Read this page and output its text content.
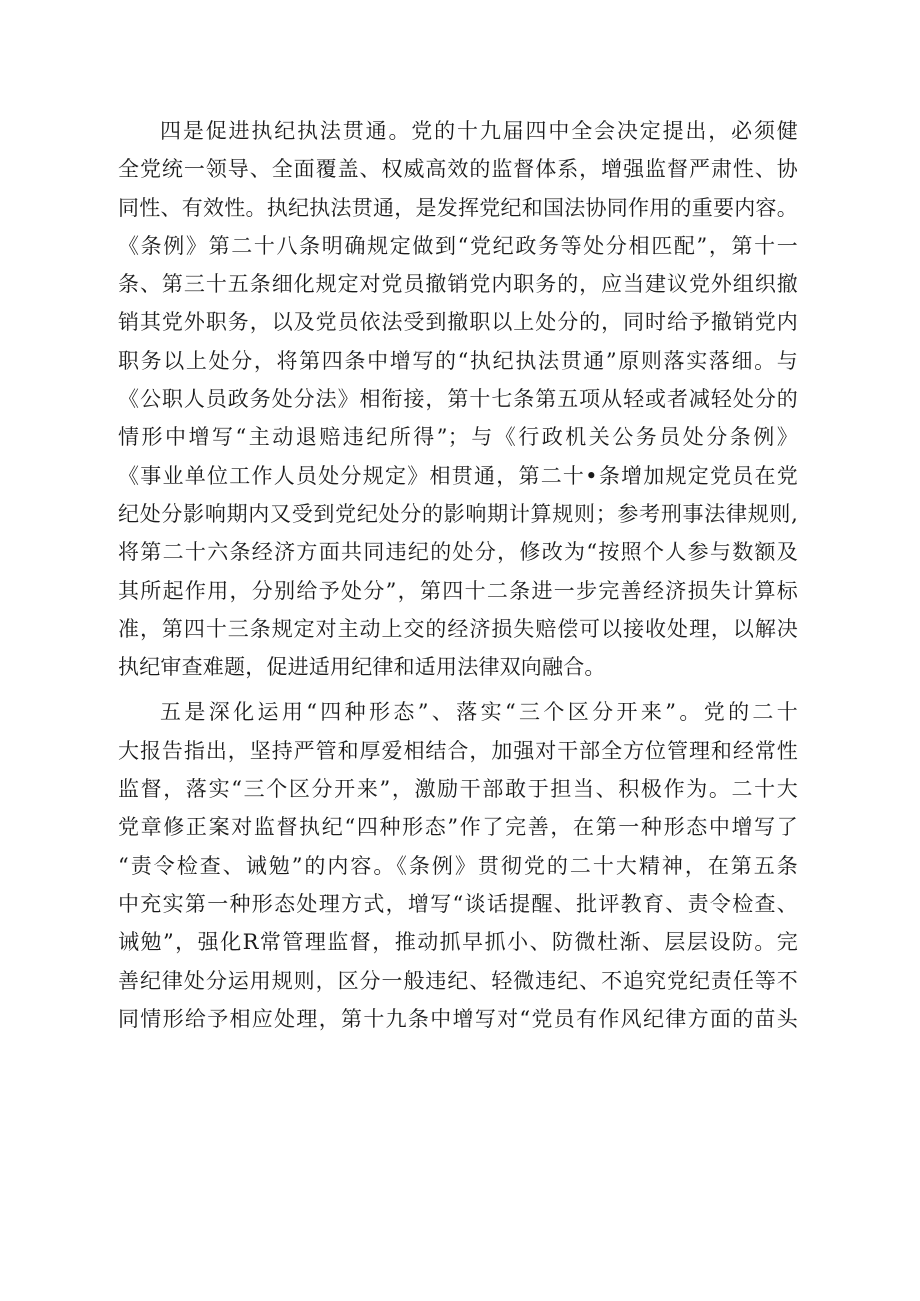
四是促进执纪执法贯通。党的十九届四中全会决定提出，必须健
全党统一领导、全面覆盖、权威高效的监督体系，增强监督严肃性、协
同性、有效性。执纪执法贯通，是发挥党纪和国法协同作用的重要内容。
《条例》第二十八条明确规定做到“党纪政务等处分相匹配”，第十一
条、第三十五条细化规定对党员撤销党内职务的，应当建议党外组织撤
销其党外职务，以及党员依法受到撤职以上处分的，同时给予撤销党内
职务以上处分，将第四条中增写的“执纪执法贯通”原则落实落细。与
《公职人员政务处分法》相衔接，第十七条第五项从轻或者减轻处分的
情形中增写“主动退赔违纪所得”；与《行政机关公务员处分条例》
《事业单位工作人员处分规定》相贯通，第二十•条增加规定党员在党
纪处分影响期内又受到党纪处分的影响期计算规则；参考刑事法律规则,
将第二十六条经济方面共同违纪的处分，修改为“按照个人参与数额及
其所起作用，分别给予处分”，第四十二条进一步完善经济损失计算标
准，第四十三条规定对主动上交的经济损失赔偿可以接收处理，以解决
执纪审查难题，促进适用纪律和适用法律双向融合。
五是深化运用“四种形态”、落实“三个区分开来”。党的二十
大报告指出，坚持严管和厚爱相结合，加强对干部全方位管理和经常性
监督，落实“三个区分开来”，激励干部敢于担当、积极作为。二十大
党章修正案对监督执纪“四种形态”作了完善，在第一种形态中增写了
“责令检查、诫勉”的内容。《条例》贯彻党的二十大精神，在第五条
中充实第一种形态处理方式，增写“谈话提醒、批评教育、责令检查、
诫勉”，强化R常管理监督，推动抓早抓小、防微杜渐、层层设防。完
善纪律处分运用规则，区分一般违纪、轻微违纪、不追究党纪责任等不
同情形给予相应处理，第十九条中增写对“党员有作风纪律方面的苗头
